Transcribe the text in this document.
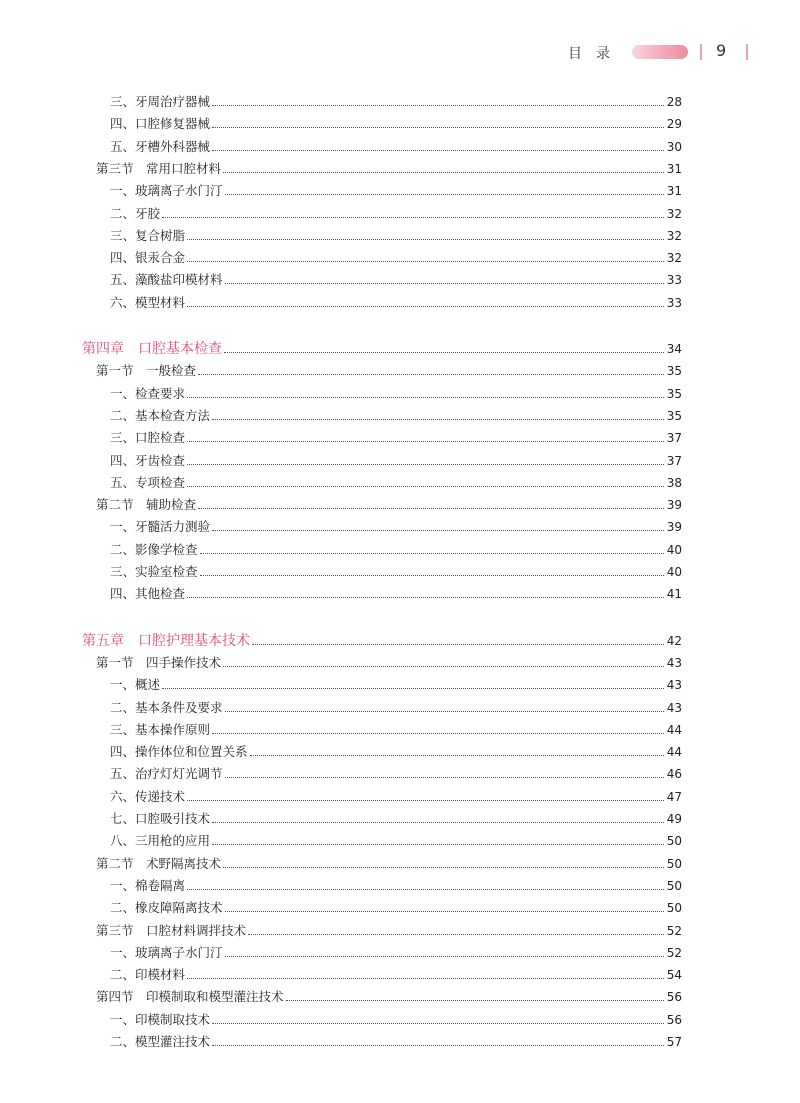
目　录	9
三、牙周治疗器械	28
四、口腔修复器械	29
五、牙槽外科器械	30
第三节　常用口腔材料	31
一、玻璃离子水门汀	31
二、牙胶	32
三、复合树脂	32
四、银汞合金	32
五、藻酸盐印模材料	33
六、模型材料	33
第四章　口腔基本检查	34
第一节　一般检查	35
一、检查要求	35
二、基本检查方法	35
三、口腔检查	37
四、牙齿检查	37
五、专项检查	38
第二节　辅助检查	39
一、牙髓活力测验	39
二、影像学检查	40
三、实验室检查	40
四、其他检查	41
第五章　口腔护理基本技术	42
第一节　四手操作技术	43
一、概述	43
二、基本条件及要求	43
三、基本操作原则	44
四、操作体位和位置关系	44
五、治疗灯灯光调节	46
六、传递技术	47
七、口腔吸引技术	49
八、三用枪的应用	50
第二节　术野隔离技术	50
一、棉卷隔离	50
二、橡皮障隔离技术	50
第三节　口腔材料调拌技术	52
一、玻璃离子水门汀	52
二、印模材料	54
第四节　印模制取和模型灌注技术	56
一、印模制取技术	56
二、模型灌注技术	57
